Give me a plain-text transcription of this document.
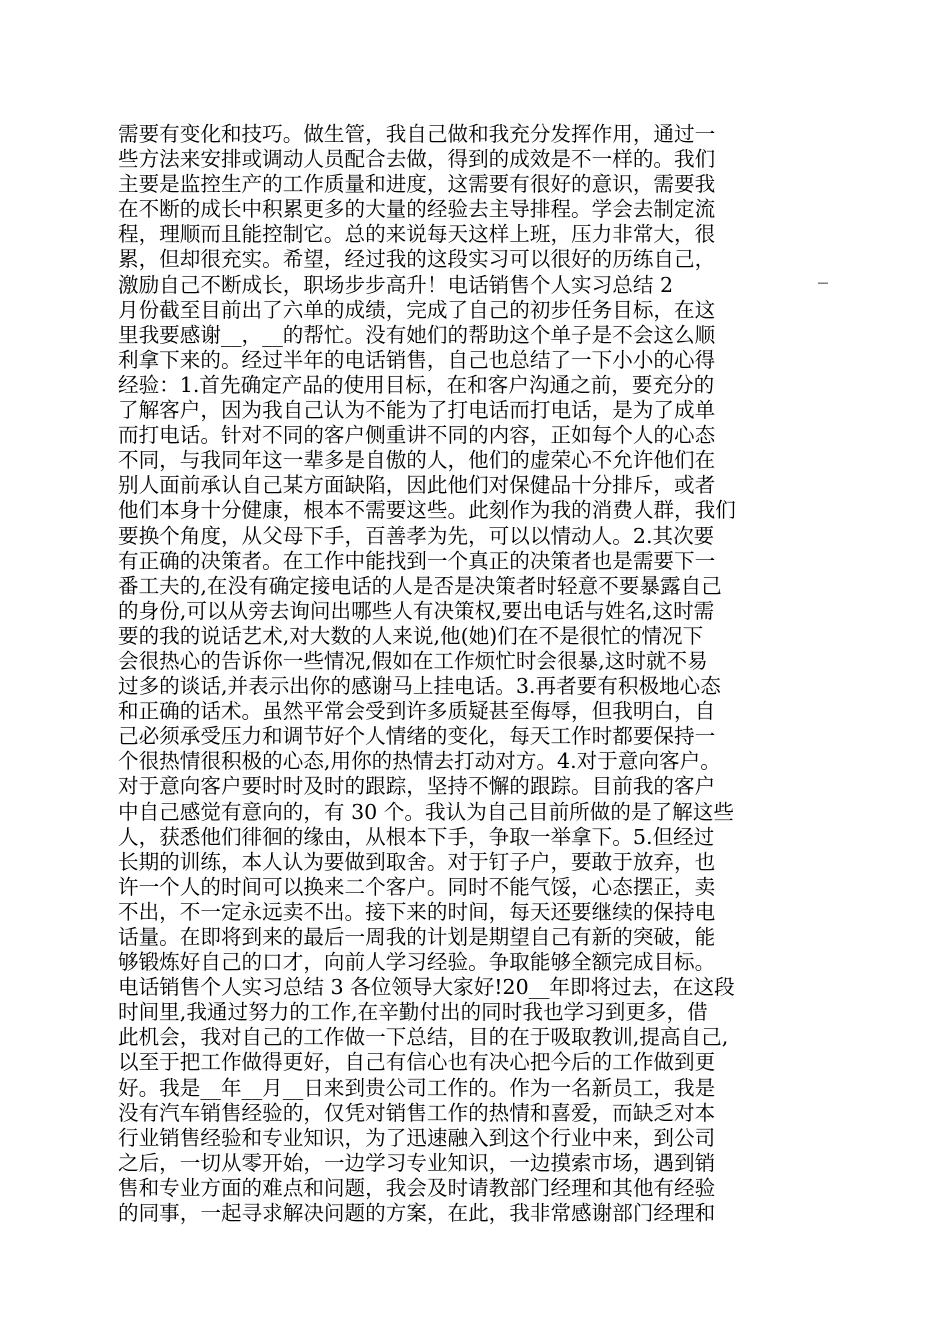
需要有变化和技巧。做生管，我自己做和我充分发挥作用，通过一
些方法来安排或调动人员配合去做，得到的成效是不一样的。我们
主要是监控生产的工作质量和进度，这需要有很好的意识，需要我
在不断的成长中积累更多的大量的经验去主导排程。学会去制定流
程，理顺而且能控制它。总的来说每天这样上班，压力非常大，很
累，但却很充实。希望，经过我的这段实习可以很好的历练自己，
激励自己不断成长，职场步步高升！电话销售个人实习总结 2
月份截至目前出了六单的成绩，完成了自己的初步任务目标，在这
里我要感谢__，__的帮忙。没有她们的帮助这个单子是不会这么顺
利拿下来的。经过半年的电话销售，自己也总结了一下小小的心得
经验：1.首先确定产品的使用目标，在和客户沟通之前，要充分的
了解客户，因为我自己认为不能为了打电话而打电话，是为了成单
而打电话。针对不同的客户侧重讲不同的内容，正如每个人的心态
不同，与我同年这一辈多是自傲的人，他们的虚荣心不允许他们在
别人面前承认自己某方面缺陷，因此他们对保健品十分排斥，或者
他们本身十分健康，根本不需要这些。此刻作为我的消费人群，我们
要换个角度，从父母下手，百善孝为先，可以以情动人。2.其次要
有正确的决策者。在工作中能找到一个真正的决策者也是需要下一
番工夫的,在没有确定接电话的人是否是决策者时轻意不要暴露自己
的身份,可以从旁去询问出哪些人有决策权,要出电话与姓名,这时需
要的我的说话艺术,对大数的人来说,他(她)们在不是很忙的情况下
会很热心的告诉你一些情况,假如在工作烦忙时会很暴,这时就不易
过多的谈话,并表示出你的感谢马上挂电话。3.再者要有积极地心态
和正确的话术。虽然平常会受到许多质疑甚至侮辱，但我明白，自
己必须承受压力和调节好个人情绪的变化，每天工作时都要保持一
个很热情很积极的心态,用你的热情去打动对方。4.对于意向客户。
对于意向客户要时时及时的跟踪，坚持不懈的跟踪。目前我的客户
中自己感觉有意向的，有 30 个。我认为自己目前所做的是了解这些
人，获悉他们徘徊的缘由，从根本下手，争取一举拿下。5.但经过
长期的训练，本人认为要做到取舍。对于钉子户，要敢于放弃，也
许一个人的时间可以换来二个客户。同时不能气馁，心态摆正，卖
不出，不一定永远卖不出。接下来的时间，每天还要继续的保持电
话量。在即将到来的最后一周我的计划是期望自己有新的突破，能
够锻炼好自己的口才，向前人学习经验。争取能够全额完成目标。
电话销售个人实习总结 3 各位领导大家好!20__年即将过去，在这段
时间里,我通过努力的工作,在辛勤付出的同时我也学习到更多，借
此机会，我对自己的工作做一下总结，目的在于吸取教训,提高自己,
以至于把工作做得更好，自己有信心也有决心把今后的工作做到更
好。我是__年__月__日来到贵公司工作的。作为一名新员工，我是
没有汽车销售经验的，仅凭对销售工作的热情和喜爱，而缺乏对本
行业销售经验和专业知识，为了迅速融入到这个行业中来，到公司
之后，一切从零开始，一边学习专业知识，一边摸索市场，遇到销
售和专业方面的难点和问题，我会及时请教部门经理和其他有经验
的同事，一起寻求解决问题的方案，在此，我非常感谢部门经理和
_
